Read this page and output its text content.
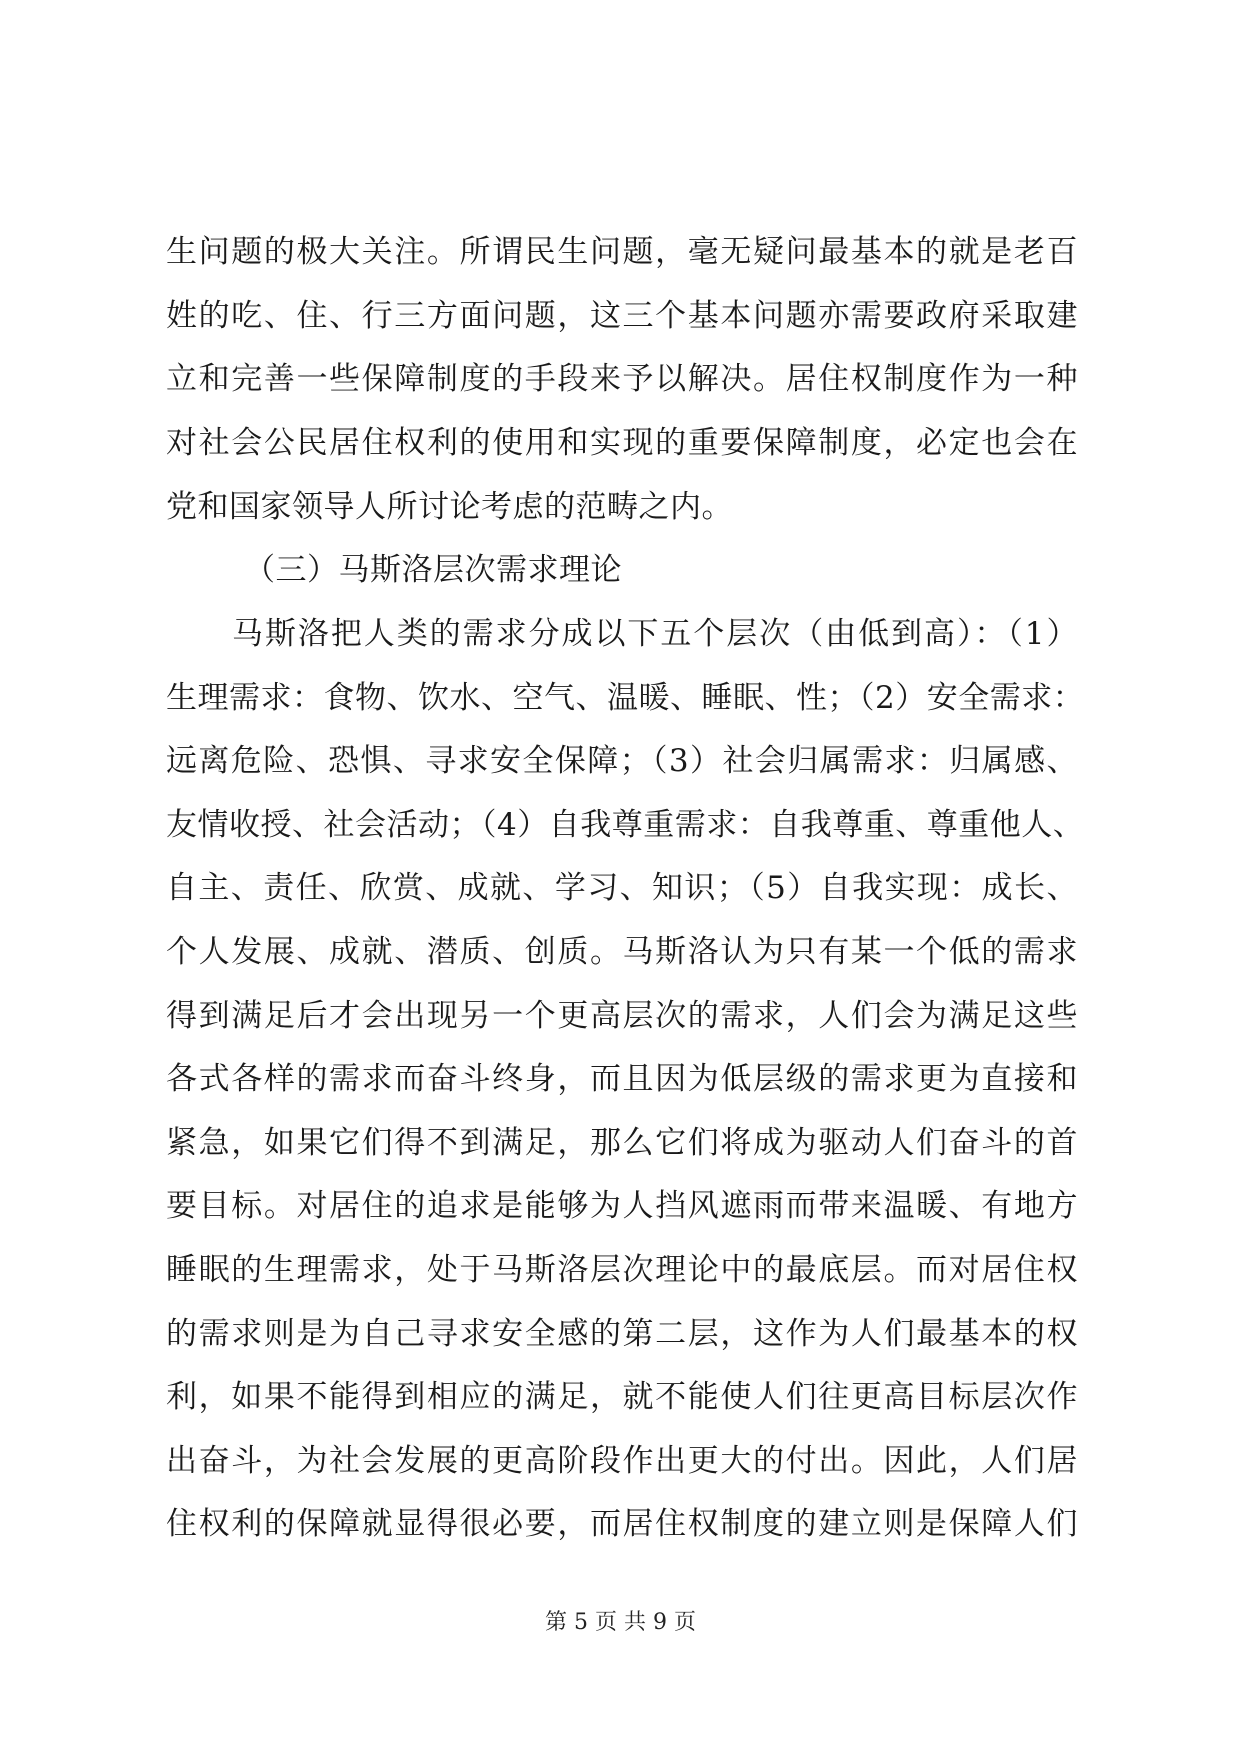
生问题的极大关注。所谓民生问题，毫无疑问最基本的就是老百

姓的吃、住、行三方面问题，这三个基本问题亦需要政府采取建

立和完善一些保障制度的手段来予以解决。居住权制度作为一种

对社会公民居住权利的使用和实现的重要保障制度，必定也会在

党和国家领导人所讨论考虑的范畴之内。

（三）马斯洛层次需求理论

马斯洛把人类的需求分成以下五个层次（由低到高）：（1）

生理需求：食物、饮水、空气、温暖、睡眠、性；（2）安全需求：

远离危险、恐惧、寻求安全保障；（3）社会归属需求：归属感、

友情收授、社会活动；（4）自我尊重需求：自我尊重、尊重他人、

自主、责任、欣赏、成就、学习、知识；（5）自我实现：成长、

个人发展、成就、潜质、创质。马斯洛认为只有某一个低的需求

得到满足后才会出现另一个更高层次的需求，人们会为满足这些

各式各样的需求而奋斗终身，而且因为低层级的需求更为直接和

紧急，如果它们得不到满足，那么它们将成为驱动人们奋斗的首

要目标。对居住的追求是能够为人挡风遮雨而带来温暖、有地方

睡眠的生理需求，处于马斯洛层次理论中的最底层。而对居住权

的需求则是为自己寻求安全感的第二层，这作为人们最基本的权

利，如果不能得到相应的满足，就不能使人们往更高目标层次作

出奋斗，为社会发展的更高阶段作出更大的付出。因此，人们居

住权利的保障就显得很必要，而居住权制度的建立则是保障人们

第 5 页 共 9 页
